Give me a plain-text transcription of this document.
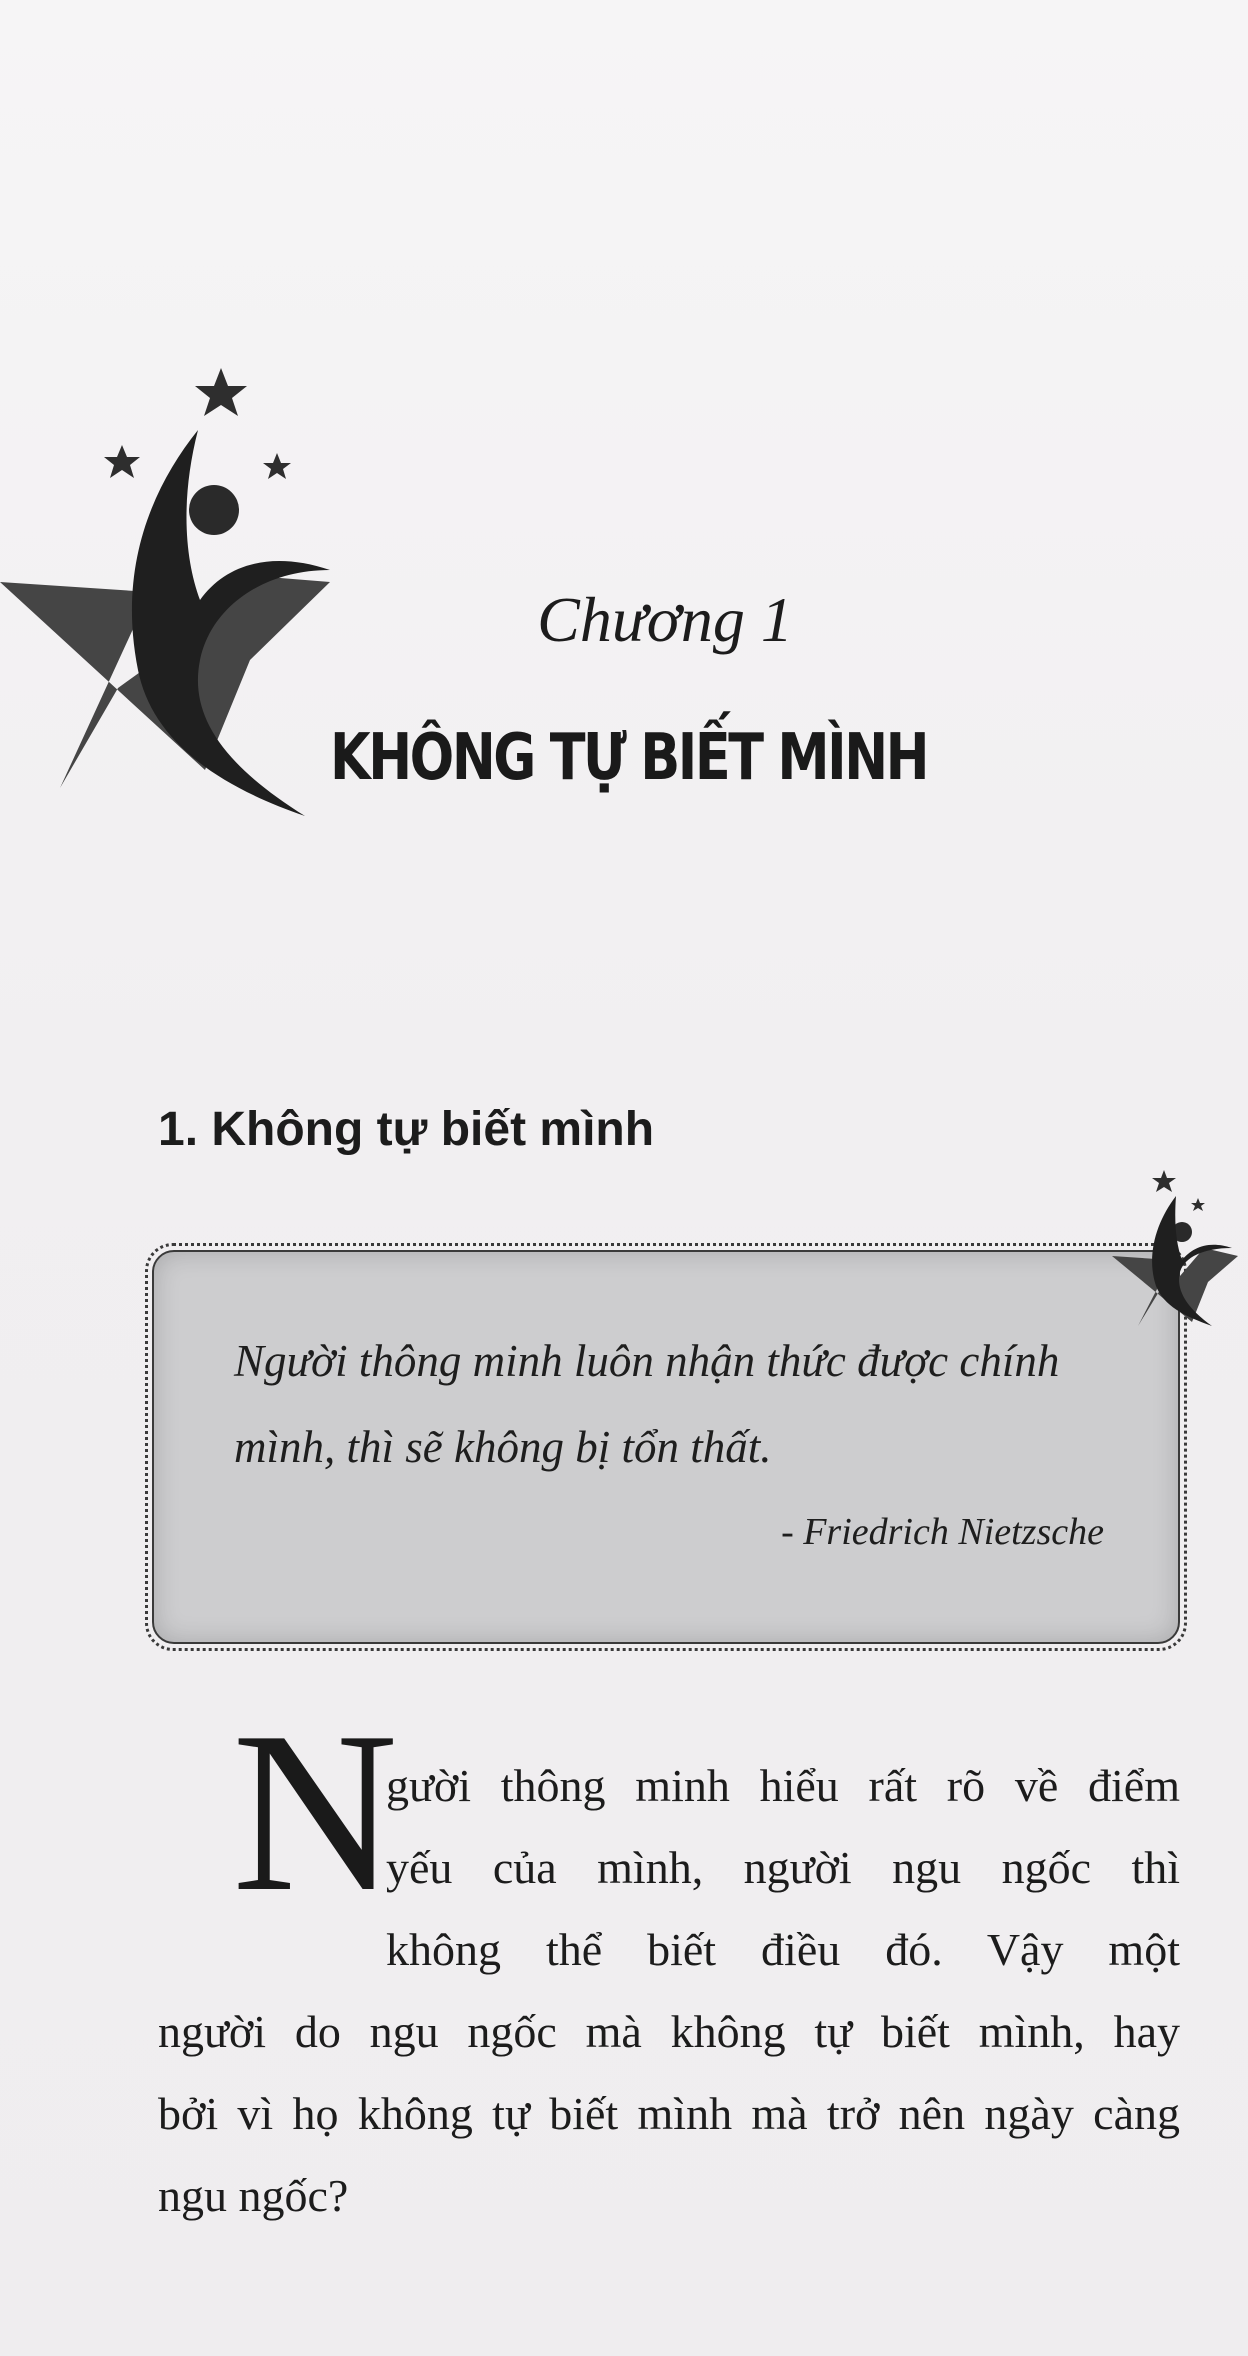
Chương 1
KHÔNG TỰ BIẾT MÌNH
1. Không tự biết mình
Người thông minh luôn nhận thức được chính mình, thì sẽ không bị tổn thất.
- Friedrich Nietzsche
N
gười thông minh hiểu rất rõ về điểm
yếu của mình, người ngu ngốc thì
không thể biết điều đó. Vậy một
người do ngu ngốc mà không tự biết mình, hay
bởi vì họ không tự biết mình mà trở nên ngày càng
ngu ngốc?
